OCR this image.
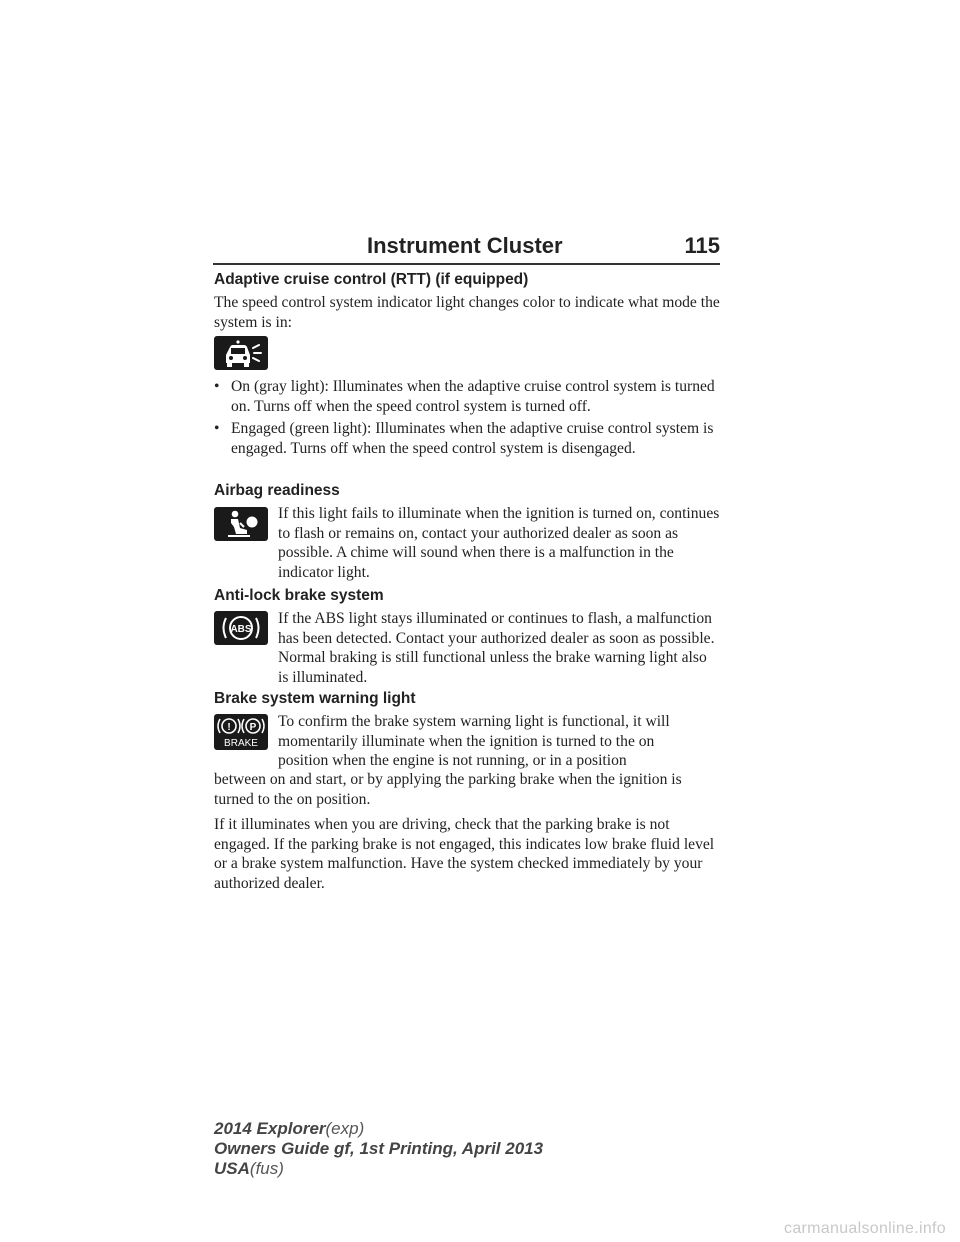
Instrument Cluster	115
Adaptive cruise control (RTT) (if equipped)
The speed control system indicator light changes color to indicate what mode the system is in:
• On (gray light): Illuminates when the adaptive cruise control system is turned on. Turns off when the speed control system is turned off.
• Engaged (green light): Illuminates when the adaptive cruise control system is engaged. Turns off when the speed control system is disengaged.
Airbag readiness
If this light fails to illuminate when the ignition is turned on, continues to flash or remains on, contact your authorized dealer as soon as possible. A chime will sound when there is a malfunction in the indicator light.
Anti-lock brake system
ABS
If the ABS light stays illuminated or continues to flash, a malfunction has been detected. Contact your authorized dealer as soon as possible. Normal braking is still functional unless the brake warning light also is illuminated.
Brake system warning light
! P
BRAKE
To confirm the brake system warning light is functional, it will
momentarily illuminate when the ignition is turned to the on
position when the engine is not running, or in a position
between on and start, or by applying the parking brake when the ignition is turned to the on position.
If it illuminates when you are driving, check that the parking brake is not engaged. If the parking brake is not engaged, this indicates low brake fluid level or a brake system malfunction. Have the system checked immediately by your authorized dealer.
2014 Explorer(exp)
Owners Guide gf, 1st Printing, April 2013
USA(fus)
carmanualsonline.info
